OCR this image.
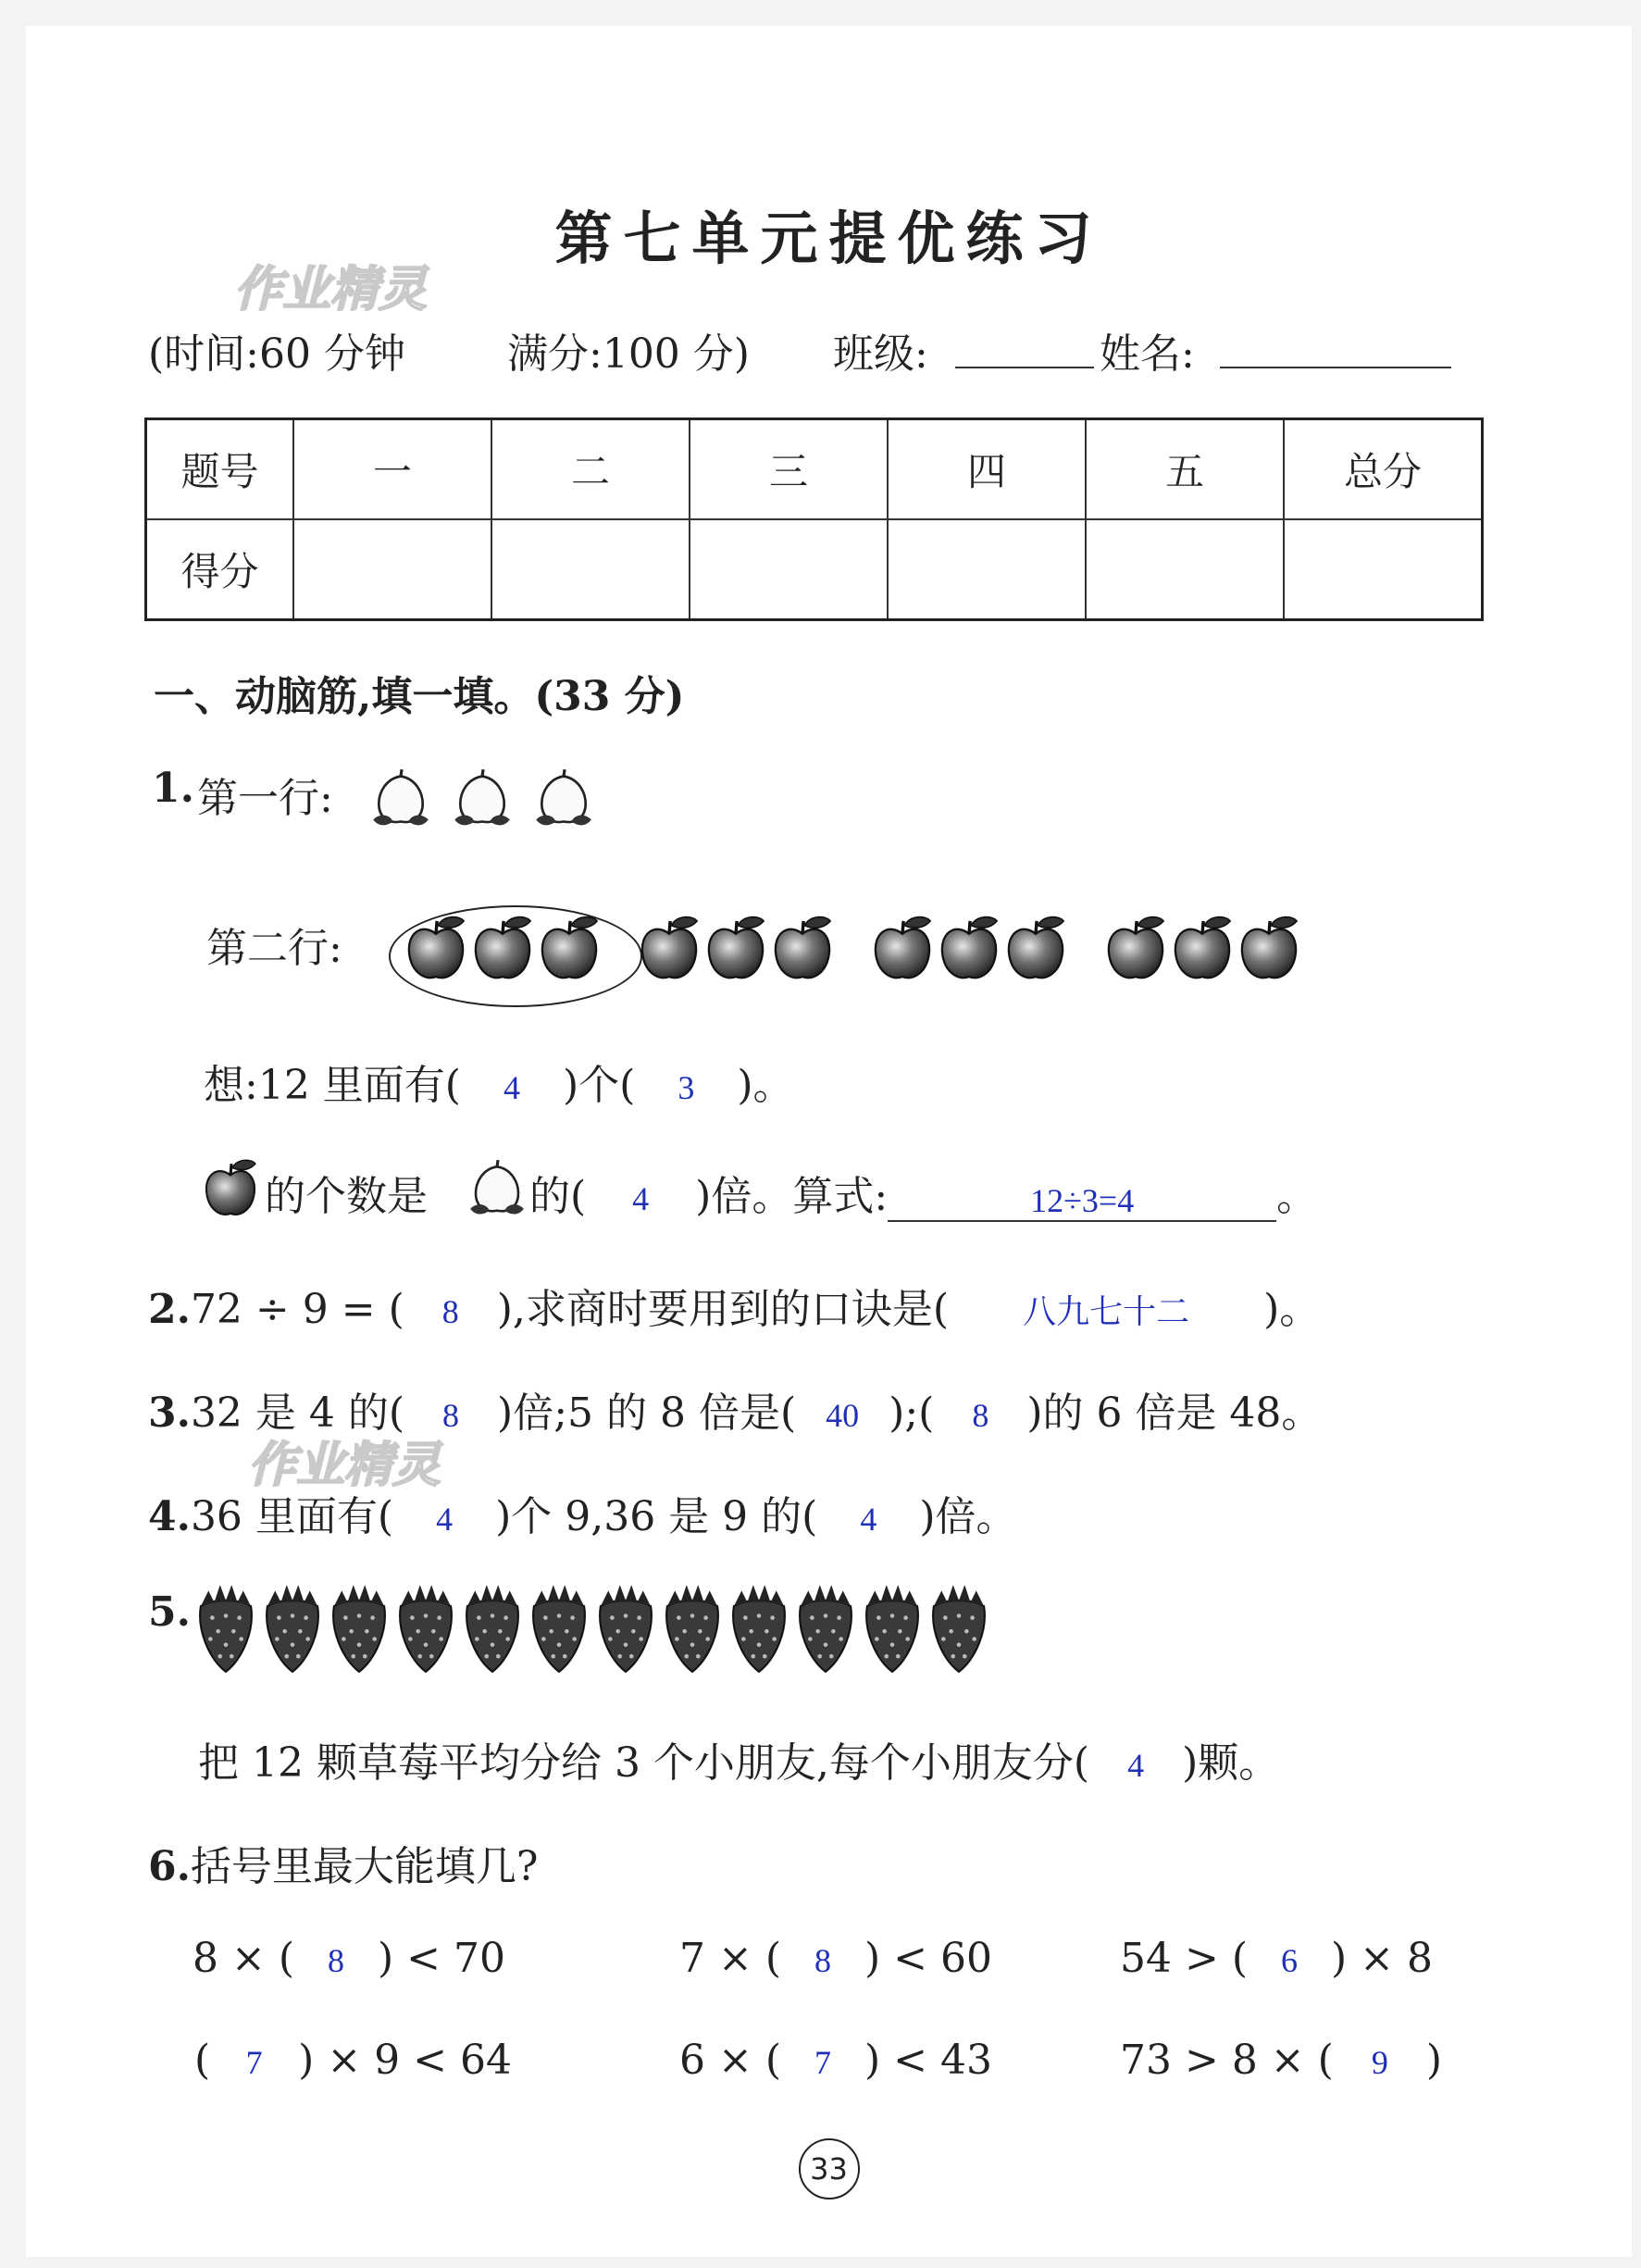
第七单元提优练习
作业精灵
作业精灵
(时间:60 分钟	满分:100 分) 班级:	姓名:
题号	一	二	三	四	五	总分
得分						
一、动脑筋,填一填。(33 分)
1. 第一行:
第二行:
想:12 里面有( 4 )个( 3 )。
的个数是	的( 4 )倍。算式:	12÷3=4	。
2.72 ÷ 9 = ( 8 ),求商时要用到的口诀是( 八九七十二 )。
3.32 是 4 的( 8 )倍;5 的 8 倍是( 40 );( 8 )的 6 倍是 48。
4.36 里面有( 4 )个 9,36 是 9 的( 4 )倍。
5.
把 12 颗草莓平均分给 3 个小朋友,每个小朋友分( 4 )颗。
6.括号里最大能填几?
8 × ( 8 ) < 70	7 × ( 8 ) < 60	54 > ( 6 ) × 8
( 7 ) × 9 < 64	6 × ( 7 ) < 43	73 > 8 × ( 9 )
33
